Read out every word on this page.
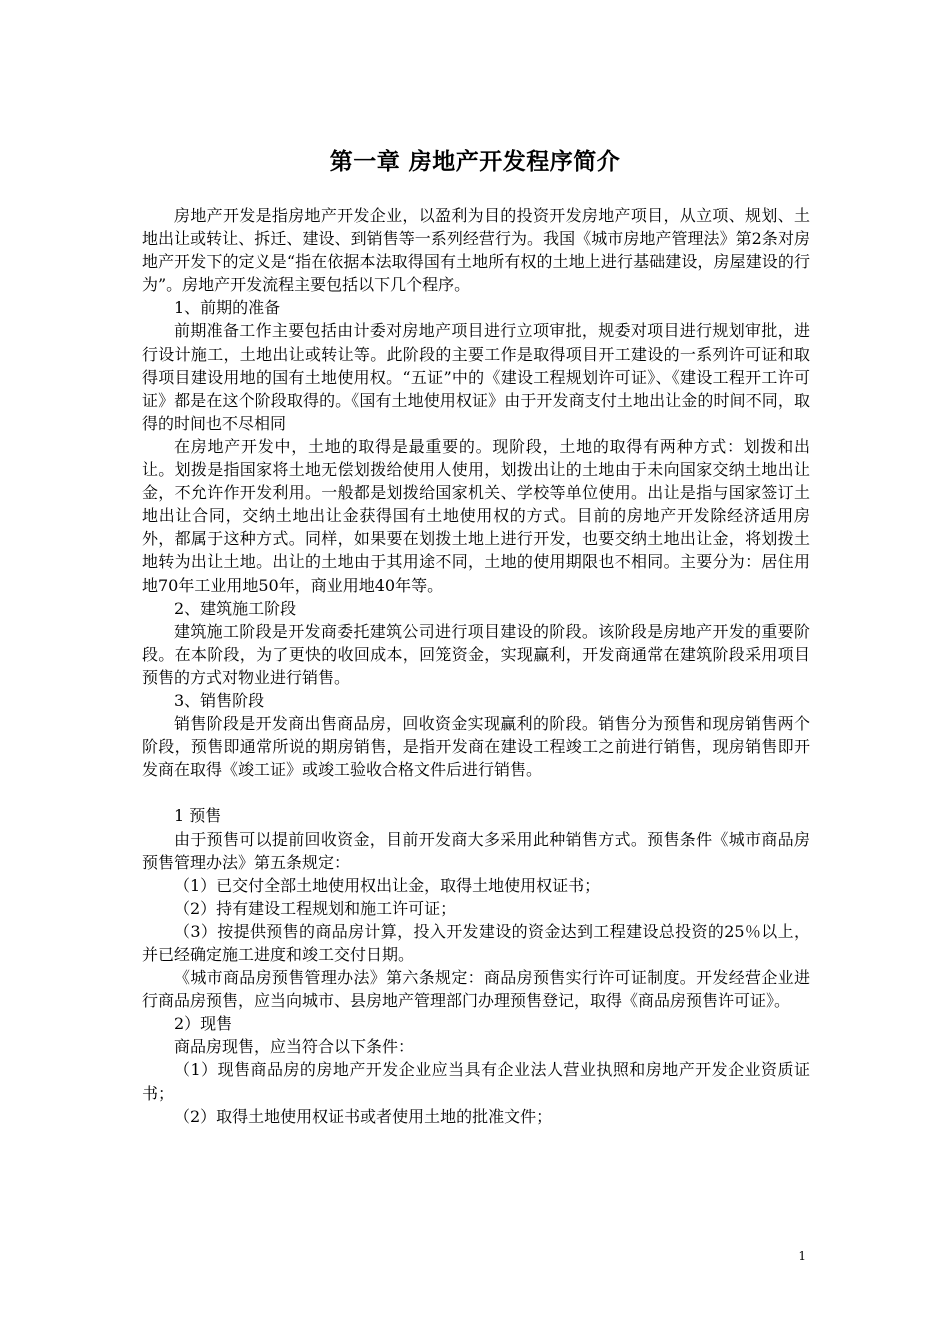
第一章 房地产开发程序简介

房地产开发是指房地产开发企业，以盈利为目的投资开发房地产项目，从立项、规划、土地出让或转让、拆迁、建设、到销售等一系列经营行为。我国《城市房地产管理法》第2条对房地产开发下的定义是“指在依据本法取得国有土地所有权的土地上进行基础建设，房屋建设的行为”。房地产开发流程主要包括以下几个程序。

1、前期的准备

前期准备工作主要包括由计委对房地产项目进行立项审批，规委对项目进行规划审批，进行设计施工，土地出让或转让等。此阶段的主要工作是取得项目开工建设的一系列许可证和取得项目建设用地的国有土地使用权。“五证”中的《建设工程规划许可证》、《建设工程开工许可证》都是在这个阶段取得的。《国有土地使用权证》由于开发商支付土地出让金的时间不同，取得的时间也不尽相同

在房地产开发中，土地的取得是最重要的。现阶段，土地的取得有两种方式：划拨和出让。划拨是指国家将土地无偿划拨给使用人使用，划拨出让的土地由于未向国家交纳土地出让金，不允许作开发利用。一般都是划拨给国家机关、学校等单位使用。出让是指与国家签订土地出让合同，交纳土地出让金获得国有土地使用权的方式。目前的房地产开发除经济适用房外，都属于这种方式。同样，如果要在划拨土地上进行开发，也要交纳土地出让金，将划拨土地转为出让土地。出让的土地由于其用途不同，土地的使用期限也不相同。主要分为：居住用地70年工业用地50年，商业用地40年等。

2、建筑施工阶段

建筑施工阶段是开发商委托建筑公司进行项目建设的阶段。该阶段是房地产开发的重要阶段。在本阶段，为了更快的收回成本，回笼资金，实现赢利，开发商通常在建筑阶段采用项目预售的方式对物业进行销售。

3、销售阶段

销售阶段是开发商出售商品房，回收资金实现赢利的阶段。销售分为预售和现房销售两个阶段，预售即通常所说的期房销售，是指开发商在建设工程竣工之前进行销售，现房销售即开发商在取得《竣工证》或竣工验收合格文件后进行销售。

1 预售

由于预售可以提前回收资金，目前开发商大多采用此种销售方式。预售条件《城市商品房预售管理办法》第五条规定：

（1）已交付全部土地使用权出让金，取得土地使用权证书；

（2）持有建设工程规划和施工许可证；

（3）按提供预售的商品房计算，投入开发建设的资金达到工程建设总投资的25％以上，并已经确定施工进度和竣工交付日期。

《城市商品房预售管理办法》第六条规定：商品房预售实行许可证制度。开发经营企业进行商品房预售，应当向城市、县房地产管理部门办理预售登记，取得《商品房预售许可证》。

2）现售

商品房现售，应当符合以下条件：

（1）现售商品房的房地产开发企业应当具有企业法人营业执照和房地产开发企业资质证书；

（2）取得土地使用权证书或者使用土地的批准文件；

1
